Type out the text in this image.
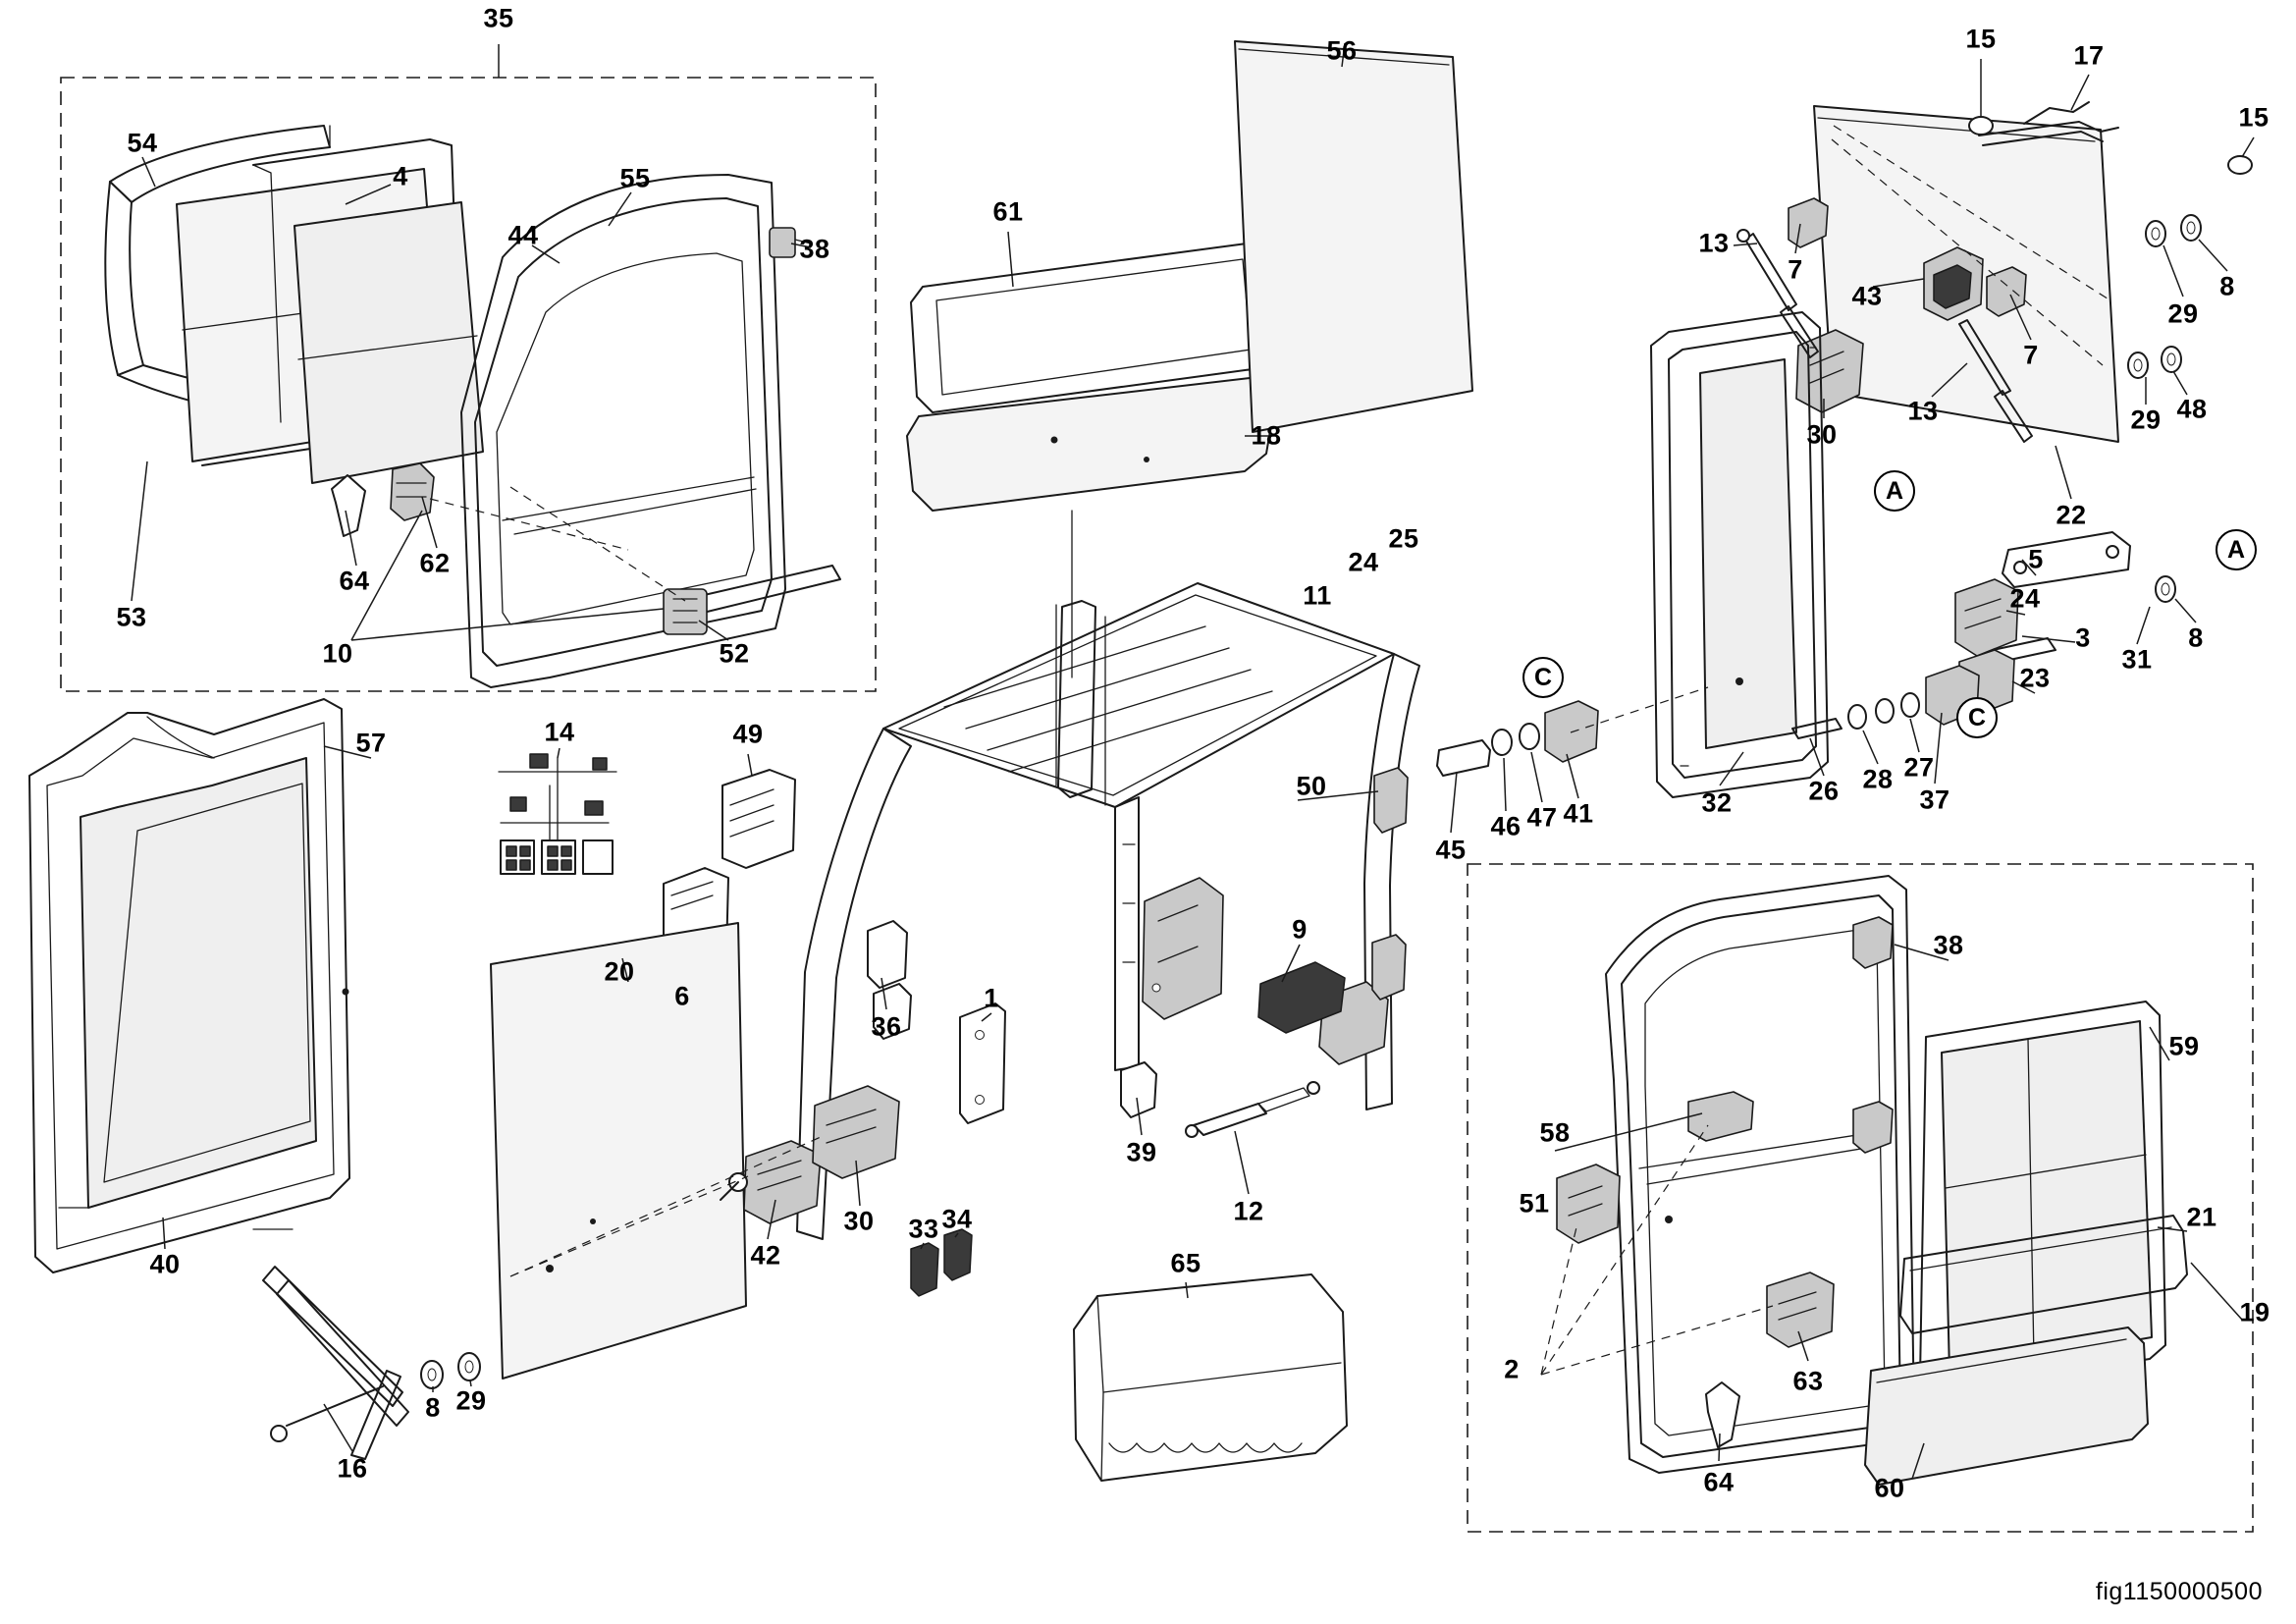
35
54
4	55
44	38
53
64
62
10	52
61
18
56
11
24
25
50
9
12
1
39
36
14	49
6
57
20
40
16
8 29
42
30 33 34
65
15
17
15
13
7
43
7
29
8
30
13	29 48
22
5
24
3
23
31
8
26 28 27
37
32
45
46 47 41
38
59
58
51	21
19
2	63
64	60
A
A
C
C
fig1150000500
